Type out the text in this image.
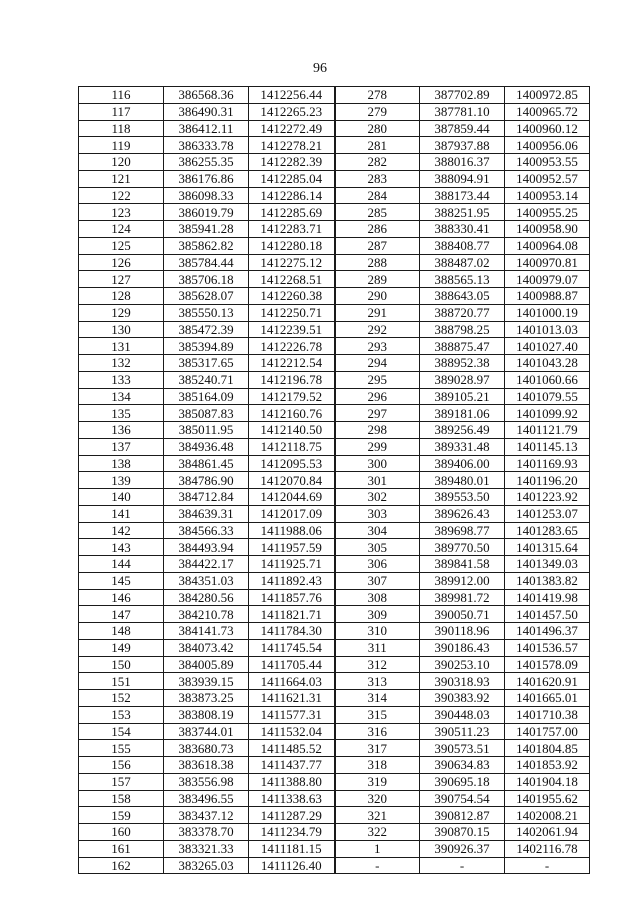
96
116	386568.36	1412256.44	278	387702.89	1400972.85
117	386490.31	1412265.23	279	387781.10	1400965.72
118	386412.11	1412272.49	280	387859.44	1400960.12
119	386333.78	1412278.21	281	387937.88	1400956.06
120	386255.35	1412282.39	282	388016.37	1400953.55
121	386176.86	1412285.04	283	388094.91	1400952.57
122	386098.33	1412286.14	284	388173.44	1400953.14
123	386019.79	1412285.69	285	388251.95	1400955.25
124	385941.28	1412283.71	286	388330.41	1400958.90
125	385862.82	1412280.18	287	388408.77	1400964.08
126	385784.44	1412275.12	288	388487.02	1400970.81
127	385706.18	1412268.51	289	388565.13	1400979.07
128	385628.07	1412260.38	290	388643.05	1400988.87
129	385550.13	1412250.71	291	388720.77	1401000.19
130	385472.39	1412239.51	292	388798.25	1401013.03
131	385394.89	1412226.78	293	388875.47	1401027.40
132	385317.65	1412212.54	294	388952.38	1401043.28
133	385240.71	1412196.78	295	389028.97	1401060.66
134	385164.09	1412179.52	296	389105.21	1401079.55
135	385087.83	1412160.76	297	389181.06	1401099.92
136	385011.95	1412140.50	298	389256.49	1401121.79
137	384936.48	1412118.75	299	389331.48	1401145.13
138	384861.45	1412095.53	300	389406.00	1401169.93
139	384786.90	1412070.84	301	389480.01	1401196.20
140	384712.84	1412044.69	302	389553.50	1401223.92
141	384639.31	1412017.09	303	389626.43	1401253.07
142	384566.33	1411988.06	304	389698.77	1401283.65
143	384493.94	1411957.59	305	389770.50	1401315.64
144	384422.17	1411925.71	306	389841.58	1401349.03
145	384351.03	1411892.43	307	389912.00	1401383.82
146	384280.56	1411857.76	308	389981.72	1401419.98
147	384210.78	1411821.71	309	390050.71	1401457.50
148	384141.73	1411784.30	310	390118.96	1401496.37
149	384073.42	1411745.54	311	390186.43	1401536.57
150	384005.89	1411705.44	312	390253.10	1401578.09
151	383939.15	1411664.03	313	390318.93	1401620.91
152	383873.25	1411621.31	314	390383.92	1401665.01
153	383808.19	1411577.31	315	390448.03	1401710.38
154	383744.01	1411532.04	316	390511.23	1401757.00
155	383680.73	1411485.52	317	390573.51	1401804.85
156	383618.38	1411437.77	318	390634.83	1401853.92
157	383556.98	1411388.80	319	390695.18	1401904.18
158	383496.55	1411338.63	320	390754.54	1401955.62
159	383437.12	1411287.29	321	390812.87	1402008.21
160	383378.70	1411234.79	322	390870.15	1402061.94
161	383321.33	1411181.15	1	390926.37	1402116.78
162	383265.03	1411126.40	-	-	-
